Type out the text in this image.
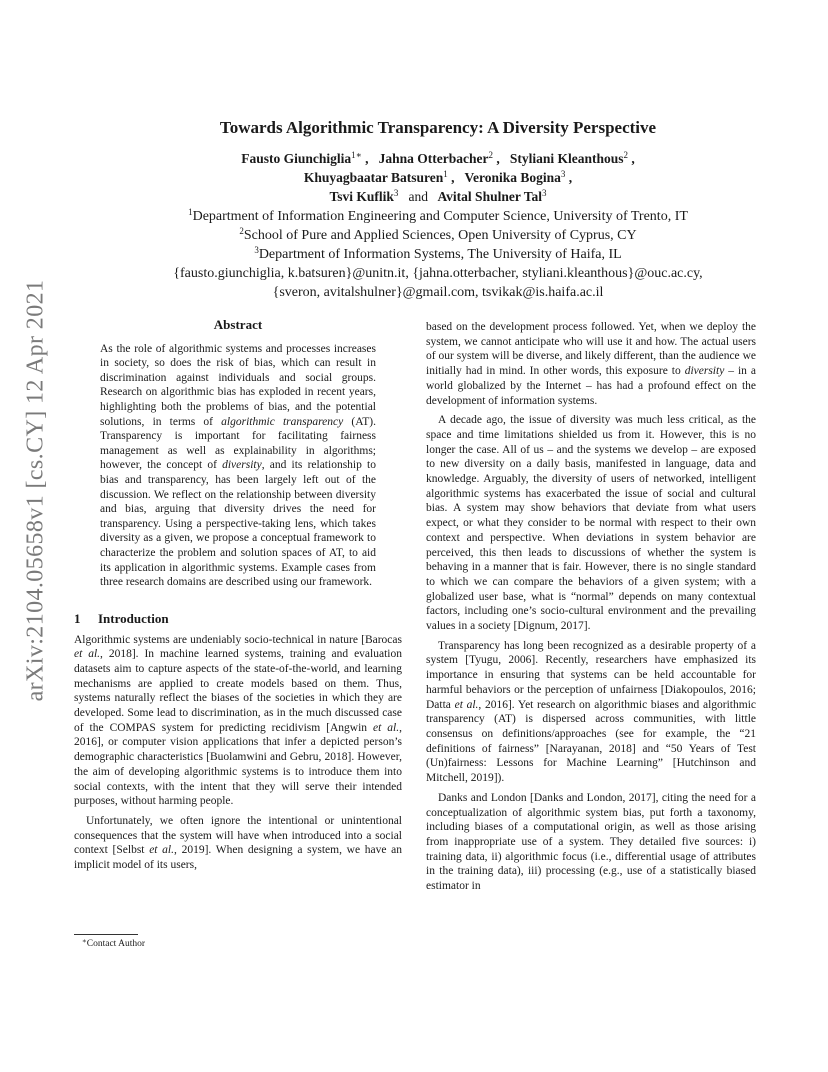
arXiv:2104.05658v1 [cs.CY] 12 Apr 2021
Towards Algorithmic Transparency: A Diversity Perspective
Fausto Giunchiglia$^{1∗}$ ,   Jahna Otterbacher$^2$ ,   Styliani Kleanthous$^2$ ,
Khuyagbaatar Batsuren$^1$ ,   Veronika Bogina$^3$ ,
Tsvi Kuflik$^3$ and Avital Shulner Tal$^3$
$^1$Department of Information Engineering and Computer Science, University of Trento, IT
$^2$School of Pure and Applied Sciences, Open University of Cyprus, CY
$^3$Department of Information Systems, The University of Haifa, IL
{fausto.giunchiglia, k.batsuren}@unitn.it, {jahna.otterbacher, styliani.kleanthous}@ouc.ac.cy,
{sveron, avitalshulner}@gmail.com, tsvikak@is.haifa.ac.il
Abstract

As the role of algorithmic systems and processes increases in society, so does the risk of bias, which can result in discrimination against individuals and social groups. Research on algorithmic bias has exploded in recent years, highlighting both the problems of bias, and the potential solutions, in terms of algorithmic transparency (AT). Transparency is important for facilitating fairness management as well as explainability in algorithms; however, the concept of diversity, and its relationship to bias and transparency, has been largely left out of the discussion. We reflect on the relationship between diversity and bias, arguing that diversity drives the need for transparency. Using a perspective-taking lens, which takes diversity as a given, we propose a conceptual framework to characterize the problem and solution spaces of AT, to aid its application in algorithmic systems. Example cases from three research domains are described using our framework.

1 Introduction

Algorithmic systems are undeniably socio-technical in nature [Barocas et al., 2018]. In machine learned systems, training and evaluation datasets aim to capture aspects of the state-of-the-world, and learning mechanisms are applied to create models based on them. Thus, systems naturally reflect the biases of the societies in which they are developed. Some lead to discrimination, as in the much discussed case of the COMPAS system for predicting recidivism [Angwin et al., 2016], or computer vision applications that infer a depicted person’s demographic characteristics [Buolamwini and Gebru, 2018]. However, the aim of developing algorithmic systems is to introduce them into social contexts, with the intent that they will serve their intended purposes, without harming people.

Unfortunately, we often ignore the intentional or unintentional consequences that the system will have when introduced into a social context [Selbst et al., 2019]. When designing a system, we have an implicit model of its users,

based on the development process followed. Yet, when we deploy the system, we cannot anticipate who will use it and how. The actual users of our system will be diverse, and likely different, than the audience we initially had in mind. In other words, this exposure to diversity – in a world globalized by the Internet – has had a profound effect on the development of information systems.

A decade ago, the issue of diversity was much less critical, as the space and time limitations shielded us from it. However, this is no longer the case. All of us – and the systems we develop – are exposed to new diversity on a daily basis, manifested in language, data and knowledge. Arguably, the diversity of users of networked, intelligent algorithmic systems has exacerbated the issue of social and cultural bias. A system may show behaviors that deviate from what users expect, or what they consider to be normal with respect to their own context and perspective. When deviations in system behavior are perceived, this then leads to discussions of whether the system is behaving in a manner that is fair. However, there is no single standard to which we can compare the behaviors of a given system; with a globalized user base, what is “normal” depends on many contextual factors, including one’s socio-cultural environment and the prevailing values in a society [Dignum, 2017].

Transparency has long been recognized as a desirable property of a system [Tyugu, 2006]. Recently, researchers have emphasized its importance in ensuring that systems can be held accountable for harmful behaviors or the perception of unfairness [Diakopoulos, 2016; Datta et al., 2016]. Yet research on algorithmic biases and algorithmic transparency (AT) is dispersed across communities, with little consensus on definitions/approaches (see for example, the “21 definitions of fairness” [Narayanan, 2018] and “50 Years of Test (Un)fairness: Lessons for Machine Learning” [Hutchinson and Mitchell, 2019]).

Danks and London [Danks and London, 2017], citing the need for a conceptualization of algorithmic system bias, put forth a taxonomy, including biases of a computational origin, as well as those arising from inappropriate use of a system. They detailed five sources: i) training data, ii) algorithmic focus (i.e., differential usage of attributes in the training data), iii) processing (e.g., use of a statistically biased estimator in

∗Contact Author
